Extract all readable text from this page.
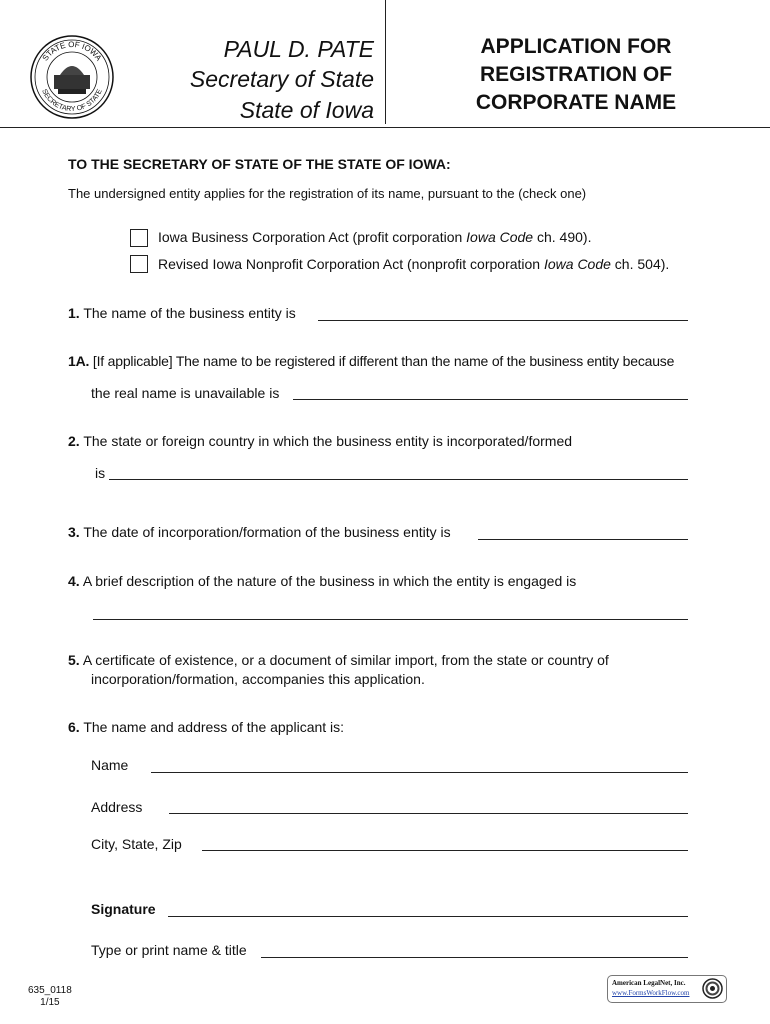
STATE OF IOWA
SECRETARY OF STATE
PAUL D. PATE
Secretary of State
State of Iowa
APPLICATION FOR
REGISTRATION OF
CORPORATE NAME
TO THE SECRETARY OF STATE OF THE STATE OF IOWA:
The undersigned entity applies for the registration of its name, pursuant to the (check one)
Iowa Business Corporation Act (profit corporation Iowa Code ch. 490).
Revised Iowa Nonprofit Corporation Act (nonprofit corporation Iowa Code ch. 504).
1. The name of the business entity is
1A. [If applicable] The name to be registered if different than the name of the business entity because
the real name is unavailable is
2. The state or foreign country in which the business entity is incorporated/formed
is
3. The date of incorporation/formation of the business entity is
4. A brief description of the nature of the business in which the entity is engaged is
5. A certificate of existence, or a document of similar import, from the state or country of
incorporation/formation, accompanies this application.
6. The name and address of the applicant is:
Name
Address
City, State, Zip
Signature
Type or print name & title
635_0118
1/15
American LegalNet, Inc.
www.FormsWorkFlow.com
